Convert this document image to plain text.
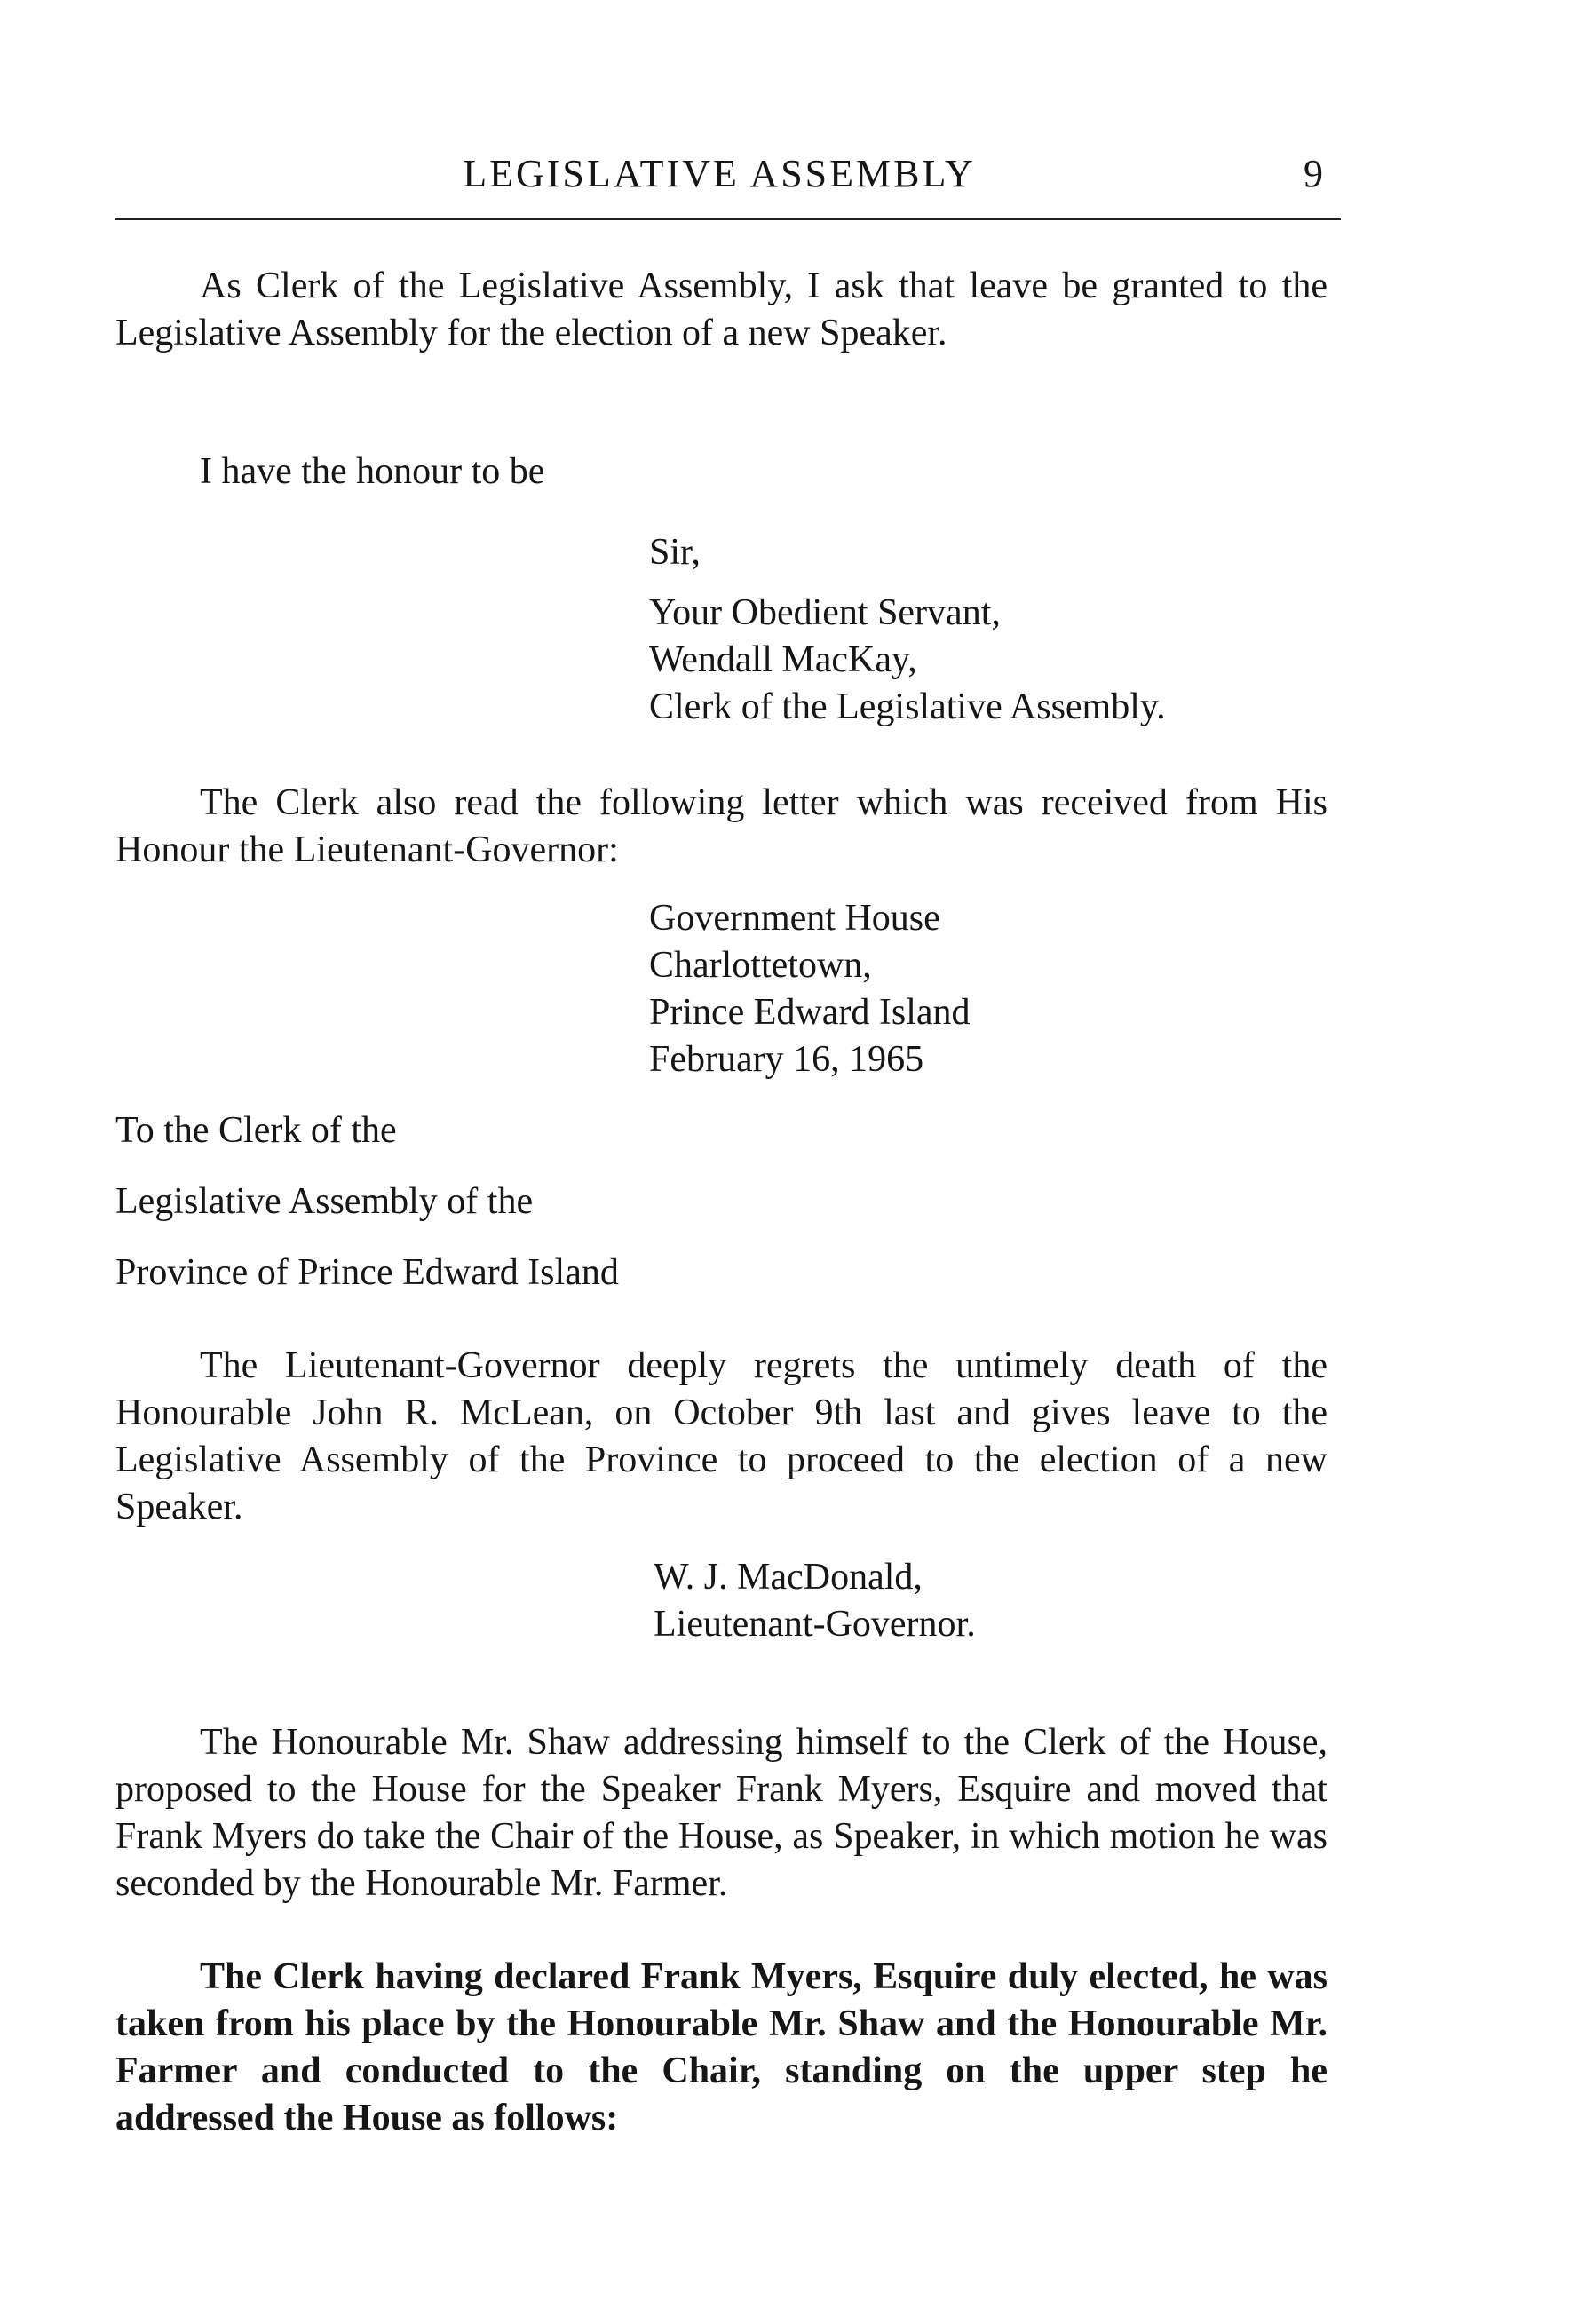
LEGISLATIVE ASSEMBLY	9

As Clerk of the Legislative Assembly, I ask that leave be granted to the Legislative Assembly for the election of a new Speaker.

I have the honour to be

Sir,

Your Obedient Servant,
Wendall MacKay,
Clerk of the Legislative Assembly.

The Clerk also read the following letter which was received from His Honour the Lieutenant-Governor:

Government House
Charlottetown,
Prince Edward Island
February 16, 1965

To the Clerk of the

Legislative Assembly of the

Province of Prince Edward Island

The Lieutenant-Governor deeply regrets the untimely death of the Honourable John R. McLean, on October 9th last and gives leave to the Legislative Assembly of the Province to proceed to the election of a new Speaker.

W. J. MacDonald,
Lieutenant-Governor.

The Honourable Mr. Shaw addressing himself to the Clerk of the House, proposed to the House for the Speaker Frank Myers, Esquire and moved that Frank Myers do take the Chair of the House, as Speaker, in which motion he was seconded by the Honourable Mr. Farmer.

The Clerk having declared Frank Myers, Esquire duly elected, he was taken from his place by the Honourable Mr. Shaw and the Honourable Mr. Farmer and conducted to the Chair, standing on the upper step he addressed the House as follows:
